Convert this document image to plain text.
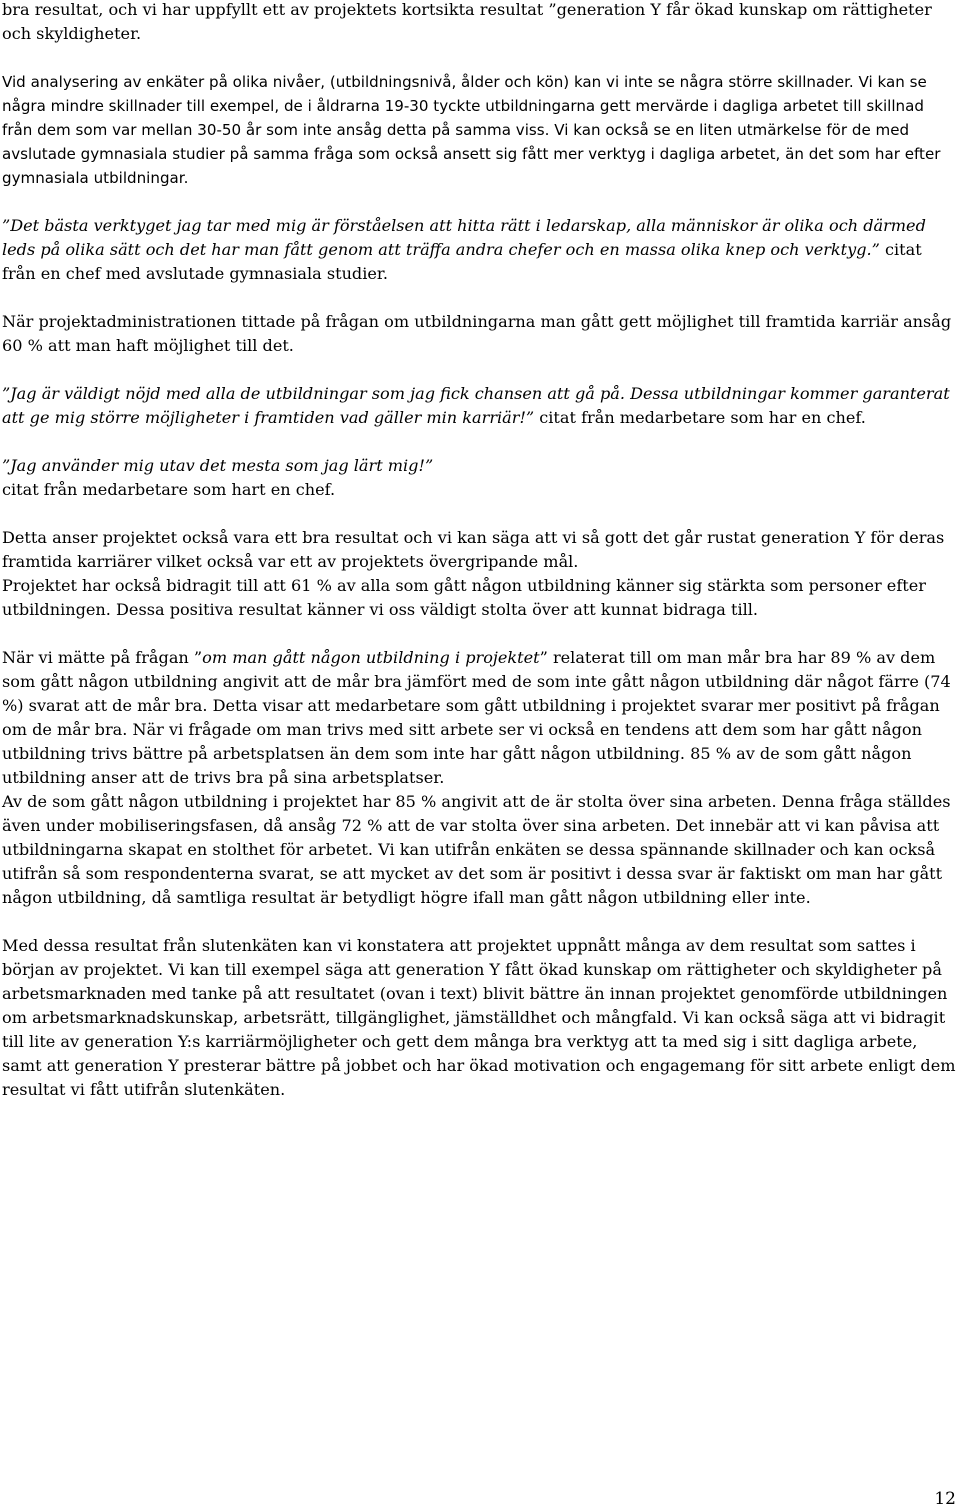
bra resultat, och vi har uppfyllt ett av projektets kortsikta resultat ”generation Y får ökad kunskap om rättigheter och skyldigheter.

Vid analysering av enkäter på olika nivåer, (utbildningsnivå, ålder och kön) kan vi inte se några större skillnader. Vi kan se några mindre skillnader till exempel, de i åldrarna 19-30 tyckte utbildningarna gett mervärde i dagliga arbetet till skillnad från dem som var mellan 30-50 år som inte ansåg detta på samma viss. Vi kan också se en liten utmärkelse för de med avslutade gymnasiala studier på samma fråga som också ansett sig fått mer verktyg i dagliga arbetet, än det som har efter gymnasiala utbildningar.

”Det bästa verktyget jag tar med mig är förståelsen att hitta rätt i ledarskap, alla människor är olika och därmed leds på olika sätt och det har man fått genom att träffa andra chefer och en massa olika knep och verktyg.” citat från en chef med avslutade gymnasiala studier.

När projektadministrationen tittade på frågan om utbildningarna man gått gett möjlighet till framtida karriär ansåg 60 % att man haft möjlighet till det.

”Jag är väldigt nöjd med alla de utbildningar som jag fick chansen att gå på. Dessa utbildningar kommer garanterat att ge mig större möjligheter i framtiden vad gäller min karriär!” citat från medarbetare som har en chef.

”Jag använder mig utav det mesta som jag lärt mig!”
citat från medarbetare som hart en chef.

Detta anser projektet också vara ett bra resultat och vi kan säga att vi så gott det går rustat generation Y för deras framtida karriärer vilket också var ett av projektets övergripande mål.

Projektet har också bidragit till att 61 % av alla som gått någon utbildning känner sig stärkta som personer efter utbildningen. Dessa positiva resultat känner vi oss väldigt stolta över att kunnat bidraga till.

När vi mätte på frågan ”om man gått någon utbildning i projektet” relaterat till om man mår bra har 89 % av dem som gått någon utbildning angivit att de mår bra jämfört med de som inte gått någon utbildning där något färre (74 %) svarat att de mår bra. Detta visar att medarbetare som gått utbildning i projektet svarar mer positivt på frågan om de mår bra. När vi frågade om man trivs med sitt arbete ser vi också en tendens att dem som har gått någon utbildning trivs bättre på arbetsplatsen än dem som inte har gått någon utbildning. 85 % av de som gått någon utbildning anser att de trivs bra på sina arbetsplatser.

Av de som gått någon utbildning i projektet har 85 % angivit att de är stolta över sina arbeten. Denna fråga ställdes även under mobiliseringsfasen, då ansåg 72 % att de var stolta över sina arbeten. Det innebär att vi kan påvisa att utbildningarna skapat en stolthet för arbetet. Vi kan utifrån enkäten se dessa spännande skillnader och kan också utifrån så som respondenterna svarat, se att mycket av det som är positivt i dessa svar är faktiskt om man har gått någon utbildning, då samtliga resultat är betydligt högre ifall man gått någon utbildning eller inte.

Med dessa resultat från slutenkäten kan vi konstatera att projektet uppnått många av dem resultat som sattes i början av projektet. Vi kan till exempel säga att generation Y fått ökad kunskap om rättigheter och skyldigheter på arbetsmarknaden med tanke på att resultatet (ovan i text) blivit bättre än innan projektet genomförde utbildningen om arbetsmarknadskunskap, arbetsrätt, tillgänglighet, jämställdhet och mångfald. Vi kan också säga att vi bidragit till lite av generation Y:s karriärmöjligheter och gett dem många bra verktyg att ta med sig i sitt dagliga arbete, samt att generation Y presterar bättre på jobbet och har ökad motivation och engagemang för sitt arbete enligt dem resultat vi fått utifrån slutenkäten.

12
